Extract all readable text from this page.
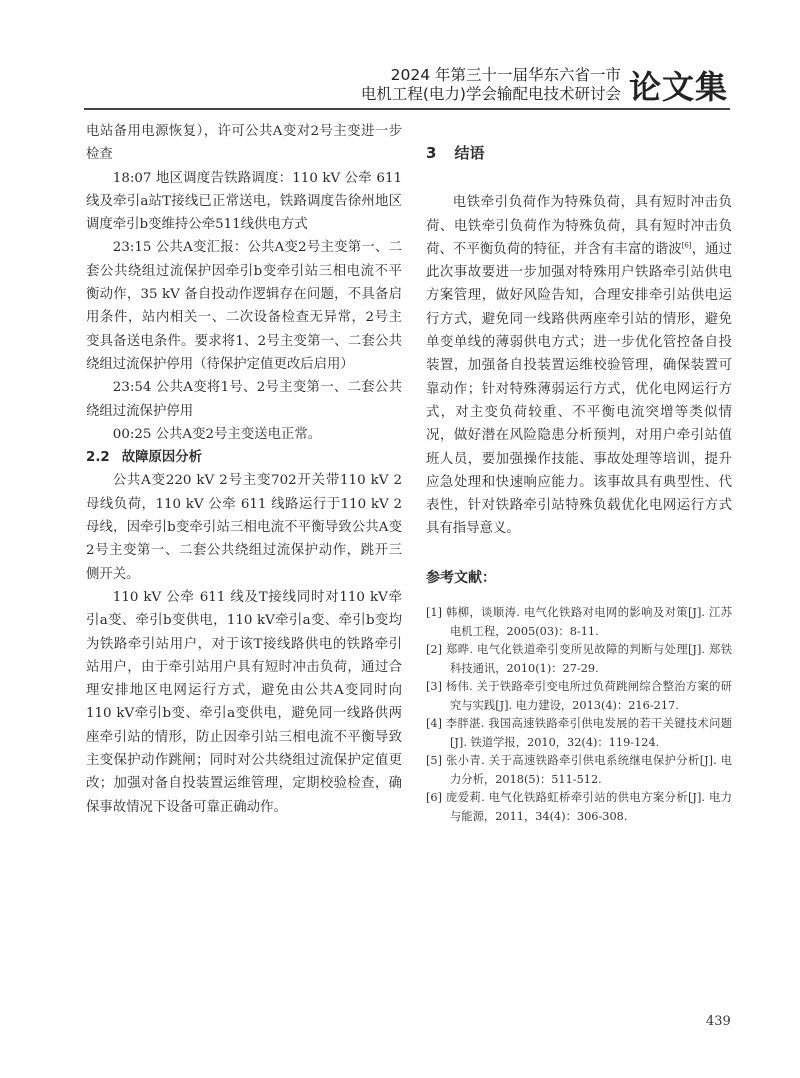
2024 年第三十一届华东六省一市
电机工程(电力)学会输配电技术研讨会 论文集

电站备用电源恢复），许可公共A变对2号主变进一步检查

18:07 地区调度告铁路调度：110 kV 公牵 611 线及牵引a站T接线已正常送电，铁路调度告徐州地区调度牵引b变维持公牵511线供电方式

23:15 公共A变汇报：公共A变2号主变第一、二套公共绕组过流保护因牵引b变牵引站三相电流不平衡动作，35 kV 备自投动作逻辑存在问题，不具备启用条件，站内相关一、二次设备检查无异常，2号主变具备送电条件。要求将1、2号主变第一、二套公共绕组过流保护停用（待保护定值更改后启用）

23:54 公共A变将1号、2号主变第一、二套公共绕组过流保护停用

00:25 公共A变2号主变送电正常。

2.2 故障原因分析

公共A变220 kV 2号主变702开关带110 kV 2母线负荷，110 kV 公牵 611 线路运行于110 kV 2母线，因牵引b变牵引站三相电流不平衡导致公共A变2号主变第一、二套公共绕组过流保护动作，跳开三侧开关。

110 kV 公牵 611 线及T接线同时对110 kV牵引a变、牵引b变供电，110 kV牵引a变、牵引b变均为铁路牵引站用户，对于该T接线路供电的铁路牵引站用户，由于牵引站用户具有短时冲击负荷，通过合理安排地区电网运行方式，避免由公共A变同时向110 kV牵引b变、牵引a变供电，避免同一线路供两座牵引站的情形，防止因牵引站三相电流不平衡导致主变保护动作跳闸；同时对公共绕组过流保护定值更改；加强对备自投装置运维管理，定期校验检查，确保事故情况下设备可靠正确动作。

3 结语

电铁牵引负荷作为特殊负荷，具有短时冲击负荷、电铁牵引负荷作为特殊负荷，具有短时冲击负荷、不平衡负荷的特征，并含有丰富的谐波[6]，通过此次事故要进一步加强对特殊用户铁路牵引站供电方案管理，做好风险告知，合理安排牵引站供电运行方式，避免同一线路供两座牵引站的情形，避免单变单线的薄弱供电方式；进一步优化管控备自投装置，加强备自投装置运维校验管理，确保装置可靠动作；针对特殊薄弱运行方式，优化电网运行方式，对主变负荷较重、不平衡电流突增等类似情况，做好潜在风险隐患分析预判，对用户牵引站值班人员，要加强操作技能、事故处理等培训，提升应急处理和快速响应能力。该事故具有典型性、代表性，针对铁路牵引站特殊负载优化电网运行方式具有指导意义。

参考文献：

[1] 韩柳，谈顺涛. 电气化铁路对电网的影响及对策[J]. 江苏电机工程，2005(03)：8-11.

[2] 郑晔. 电气化铁道牵引变所见故障的判断与处理[J]. 郑铁科技通讯，2010(1)：27-29.

[3] 杨伟. 关于铁路牵引变电所过负荷跳闸综合整治方案的研究与实践[J]. 电力建设，2013(4)：216-217.

[4] 李胖湛. 我国高速铁路牵引供电发展的若干关键技术问题[J]. 铁道学报，2010，32(4)：119-124.

[5] 张小青. 关于高速铁路牵引供电系统继电保护分析[J]. 电力分析，2018(5)：511-512.

[6] 庞爱莉. 电气化铁路虹桥牵引站的供电方案分析[J]. 电力与能源，2011，34(4)：306-308.

439
